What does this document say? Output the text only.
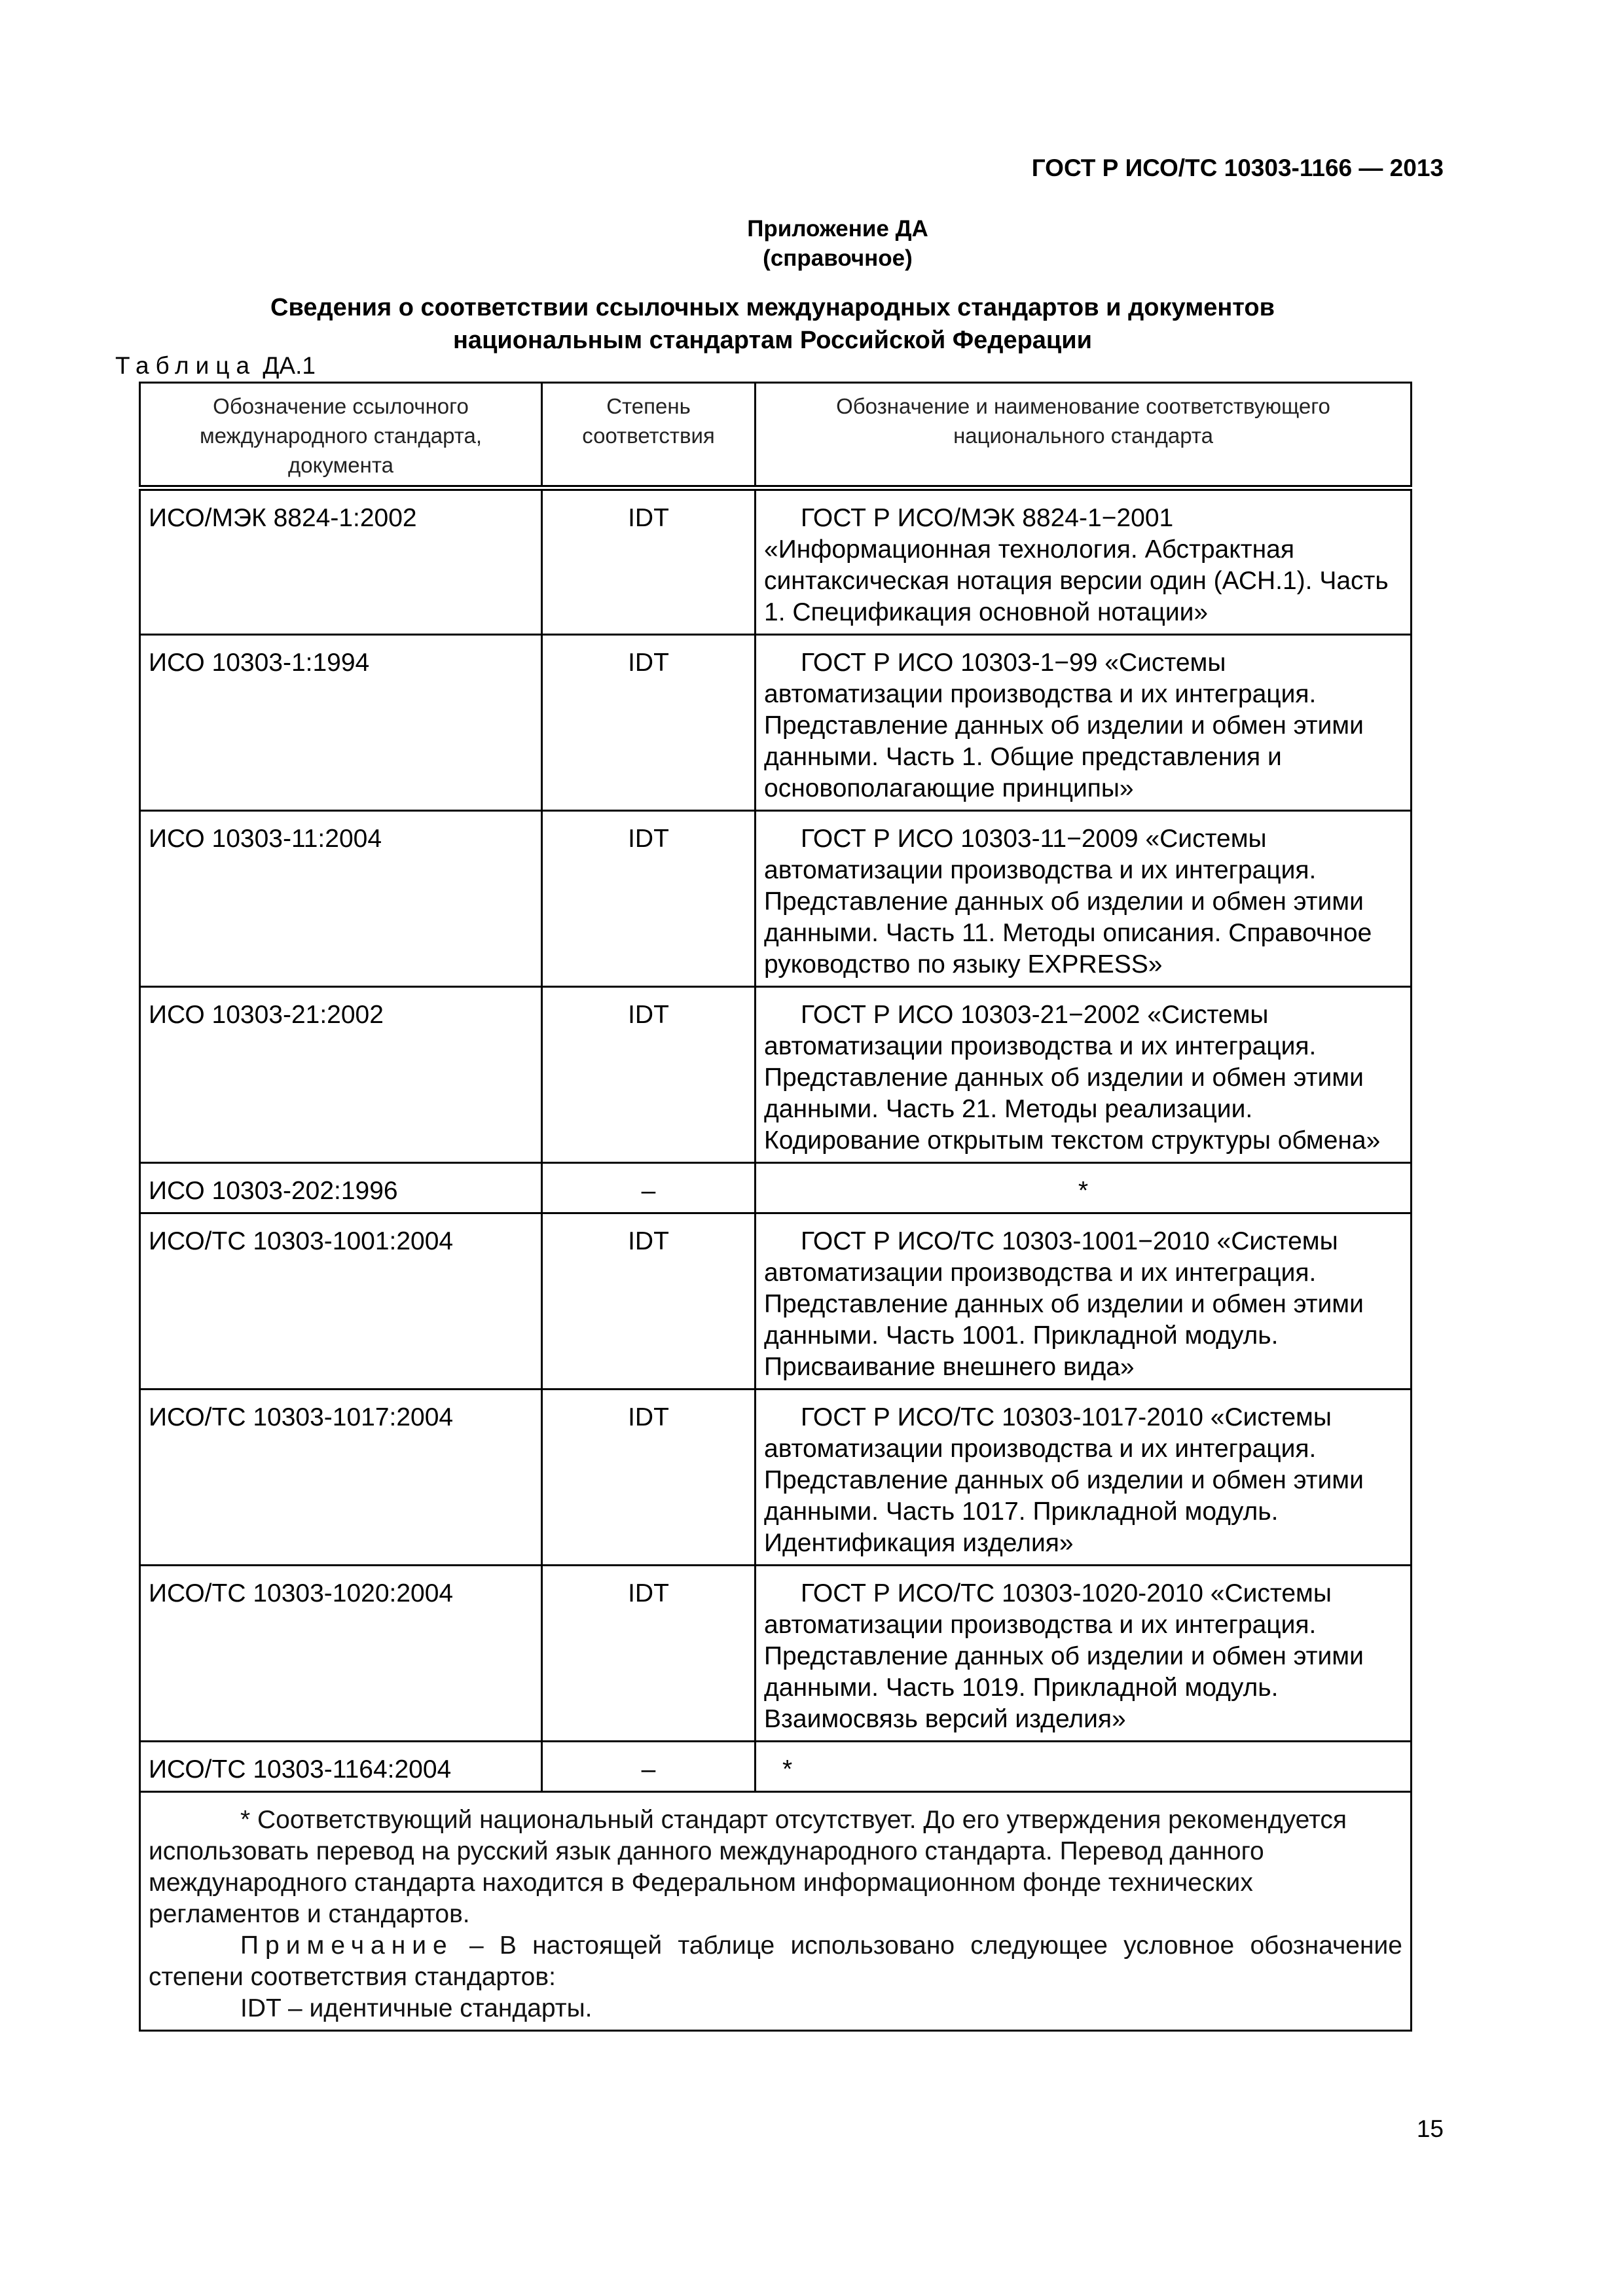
ГОСТ Р ИСО/ТС 10303-1166 — 2013
Приложение ДА
(справочное)
Сведения о соответствии ссылочных международных стандартов и документов
национальным стандартам Российской Федерации
Таблица ДА.1
Обозначение ссылочного международного стандарта, документа	Степень соответствия	Обозначение и наименование соответствующего национального стандарта
ИСО/МЭК 8824-1:2002	IDT	ГОСТ Р ИСО/МЭК 8824-1−2001 «Информационная технология. Абстрактная синтаксическая нотация версии один (АСН.1). Часть 1. Спецификация основной нотации»

ИСО 10303-1:1994	IDT	ГОСТ Р ИСО 10303-1−99 «Системы автоматизации производства и их интеграция. Представление данных об изделии и обмен этими данными. Часть 1. Общие представления и основополагающие принципы»

ИСО 10303-11:2004	IDT	ГОСТ Р ИСО 10303-11−2009 «Системы автоматизации производства и их интеграция. Представление данных об изделии и обмен этими данными. Часть 11. Методы описания. Справочное руководство по языку EXPRESS»

ИСО 10303-21:2002	IDT	ГОСТ Р ИСО 10303-21−2002 «Системы автоматизации производства и их интеграция. Представление данных об изделии и обмен этими данными. Часть 21. Методы реализации. Кодирование открытым текстом структуры обмена»

ИСО 10303-202:1996	–	*
ИСО/ТС 10303-1001:2004	IDT	ГОСТ Р ИСО/ТС 10303-1001−2010 «Системы автоматизации производства и их интеграция. Представление данных об изделии и обмен этими данными. Часть 1001. Прикладной модуль. Присваивание внешнего вида»

ИСО/ТС 10303-1017:2004	IDT	ГОСТ Р ИСО/ТС 10303-1017-2010 «Системы автоматизации производства и их интеграция. Представление данных об изделии и обмен этими данными. Часть 1017. Прикладной модуль. Идентификация изделия»

ИСО/ТС 10303-1020:2004	IDT	ГОСТ Р ИСО/ТС 10303-1020-2010 «Системы автоматизации производства и их интеграция. Представление данных об изделии и обмен этими данными. Часть 1019. Прикладной модуль. Взаимосвязь версий изделия»

ИСО/ТС 10303-1164:2004	–	*

* Соответствующий национальный стандарт отсутствует. До его утверждения рекомендуется использовать перевод на русский язык данного международного стандарта. Перевод данного международного стандарта находится в Федеральном информационном фонде технических регламентов и стандартов.

Примечание – В настоящей таблице использовано следующее условное обозначение степени соответствия стандартов:

IDT – идентичные стандарты.		

15
